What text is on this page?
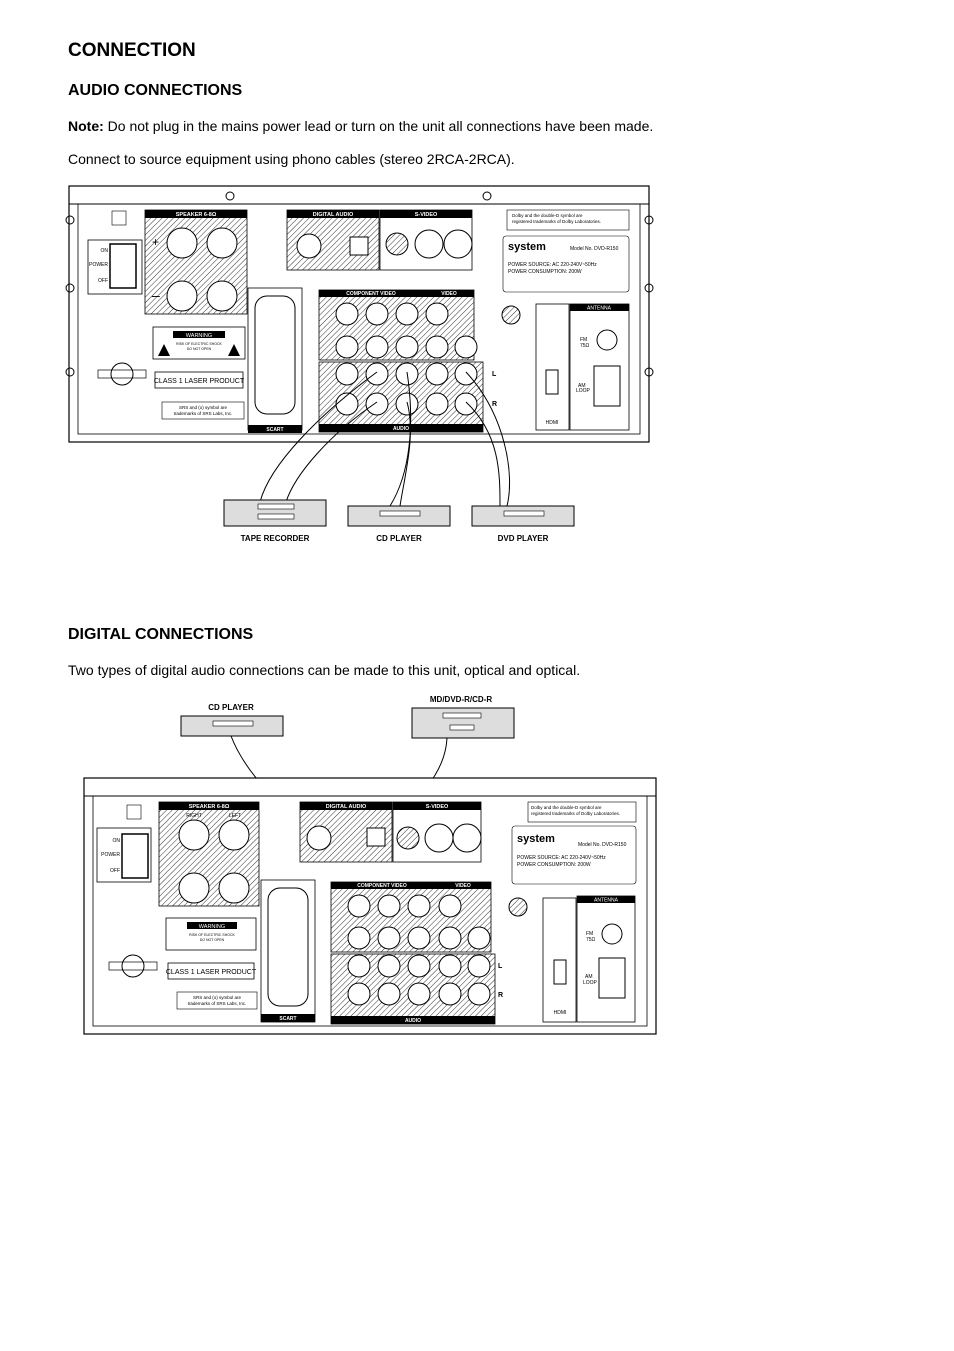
CONNECTION
AUDIO CONNECTIONS

Note: Do not plug in the mains power lead or turn on the unit all connections have been made.

Connect to source equipment using phono cables (stereo 2RCA-2RCA).

DIGITAL CONNECTIONS

Two types of digital audio connections can be made to this unit, optical and optical.

ON
POWER
OFF
SPEAKER 6-8Ω
+
–
WARNING
RISK OF ELECTRIC SHOCK
DO NOT OPEN
CLASS 1 LASER PRODUCT
SRS and (o) symbol are
trademarks of SRS Labs, Inc.
SCART
DIGITAL AUDIO	S-VIDEO
COMPONENT VIDEO	VIDEO
AUDIO
L
R
Dolby and the double-D symbol are
registered trademarks of Dolby Laboratories.
system	Model No. DVD-R150
POWER SOURCE: AC 220-240V~50Hz
POWER CONSUMPTION: 200W
HDMI
ANTENNA
FM
75Ω
AM
LOOP
TAPE RECORDER	CD PLAYER	DVD PLAYER
CD PLAYER
MD/DVD-R/CD-R
ON
POWER
OFF
SPEAKER 6-8Ω
RIGHT	LEFT
WARNING
RISK OF ELECTRIC SHOCK
DO NOT OPEN
CLASS 1 LASER PRODUCT
SRS and (o) symbol are
trademarks of SRS Labs, Inc.
SCART
DIGITAL AUDIO	S-VIDEO
COMPONENT VIDEO	VIDEO
AUDIO
L
R
Dolby and the double-D symbol are
registered trademarks of Dolby Laboratories.
system	Model No. DVD-R150
POWER SOURCE: AC 220-240V~50Hz
POWER CONSUMPTION: 200W
HDMI
ANTENNA
FM
75Ω
AM
LOOP
